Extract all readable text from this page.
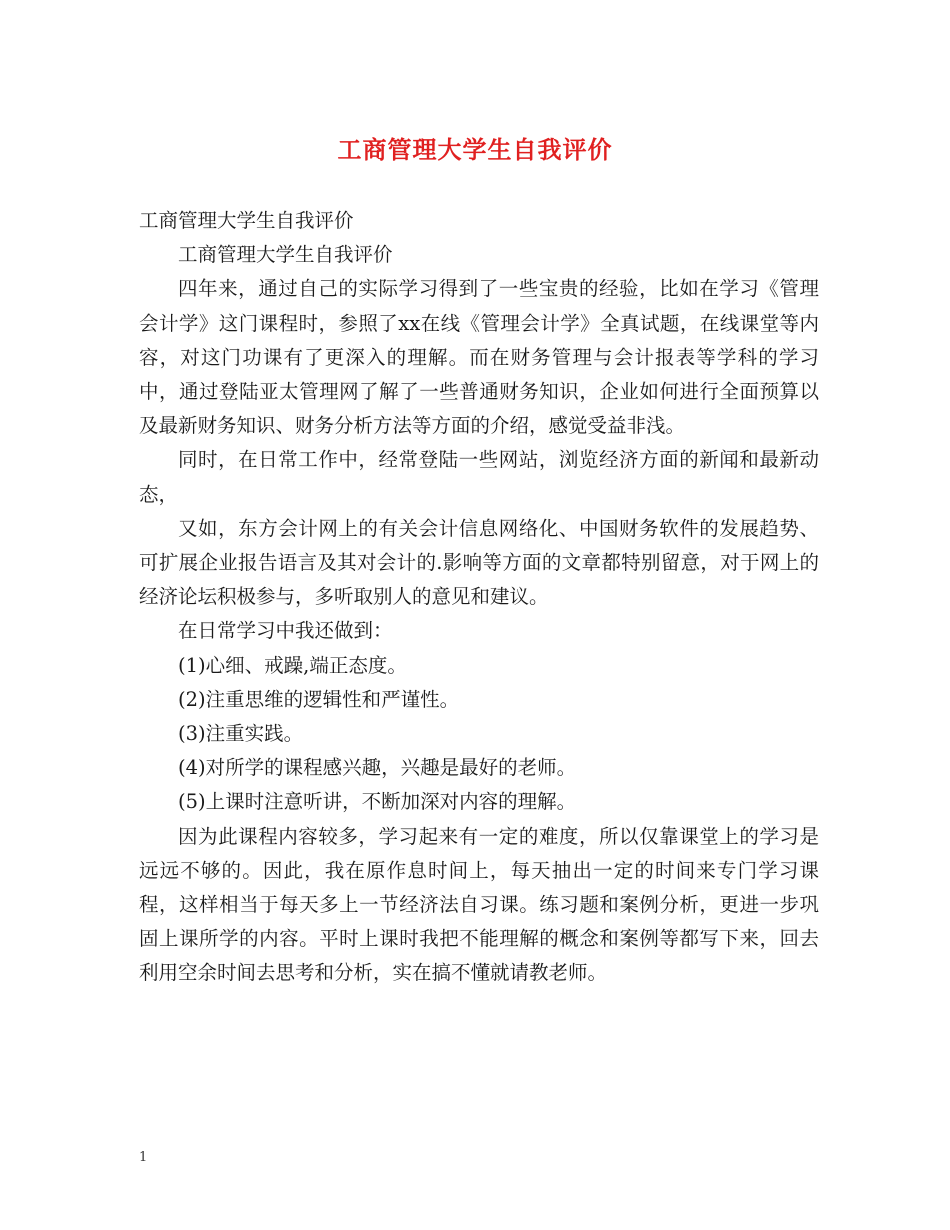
工商管理大学生自我评价

工商管理大学生自我评价

工商管理大学生自我评价

四年来，通过自己的实际学习得到了一些宝贵的经验，比如在学习《管理会计学》这门课程时，参照了xx在线《管理会计学》全真试题，在线课堂等内容，对这门功课有了更深入的理解。而在财务管理与会计报表等学科的学习中，通过登陆亚太管理网了解了一些普通财务知识，企业如何进行全面预算以及最新财务知识、财务分析方法等方面的介绍，感觉受益非浅。

同时，在日常工作中，经常登陆一些网站，浏览经济方面的新闻和最新动态，

又如，东方会计网上的有关会计信息网络化、中国财务软件的发展趋势、可扩展企业报告语言及其对会计的.影响等方面的文章都特别留意，对于网上的经济论坛积极参与，多听取别人的意见和建议。

在日常学习中我还做到：

(1)心细、戒躁,端正态度。

(2)注重思维的逻辑性和严谨性。

(3)注重实践。

(4)对所学的课程感兴趣，兴趣是最好的老师。

(5)上课时注意听讲，不断加深对内容的理解。

因为此课程内容较多，学习起来有一定的难度，所以仅靠课堂上的学习是远远不够的。因此，我在原作息时间上，每天抽出一定的时间来专门学习课程，这样相当于每天多上一节经济法自习课。练习题和案例分析，更进一步巩固上课所学的内容。平时上课时我把不能理解的概念和案例等都写下来，回去利用空余时间去思考和分析，实在搞不懂就请教老师。

1
